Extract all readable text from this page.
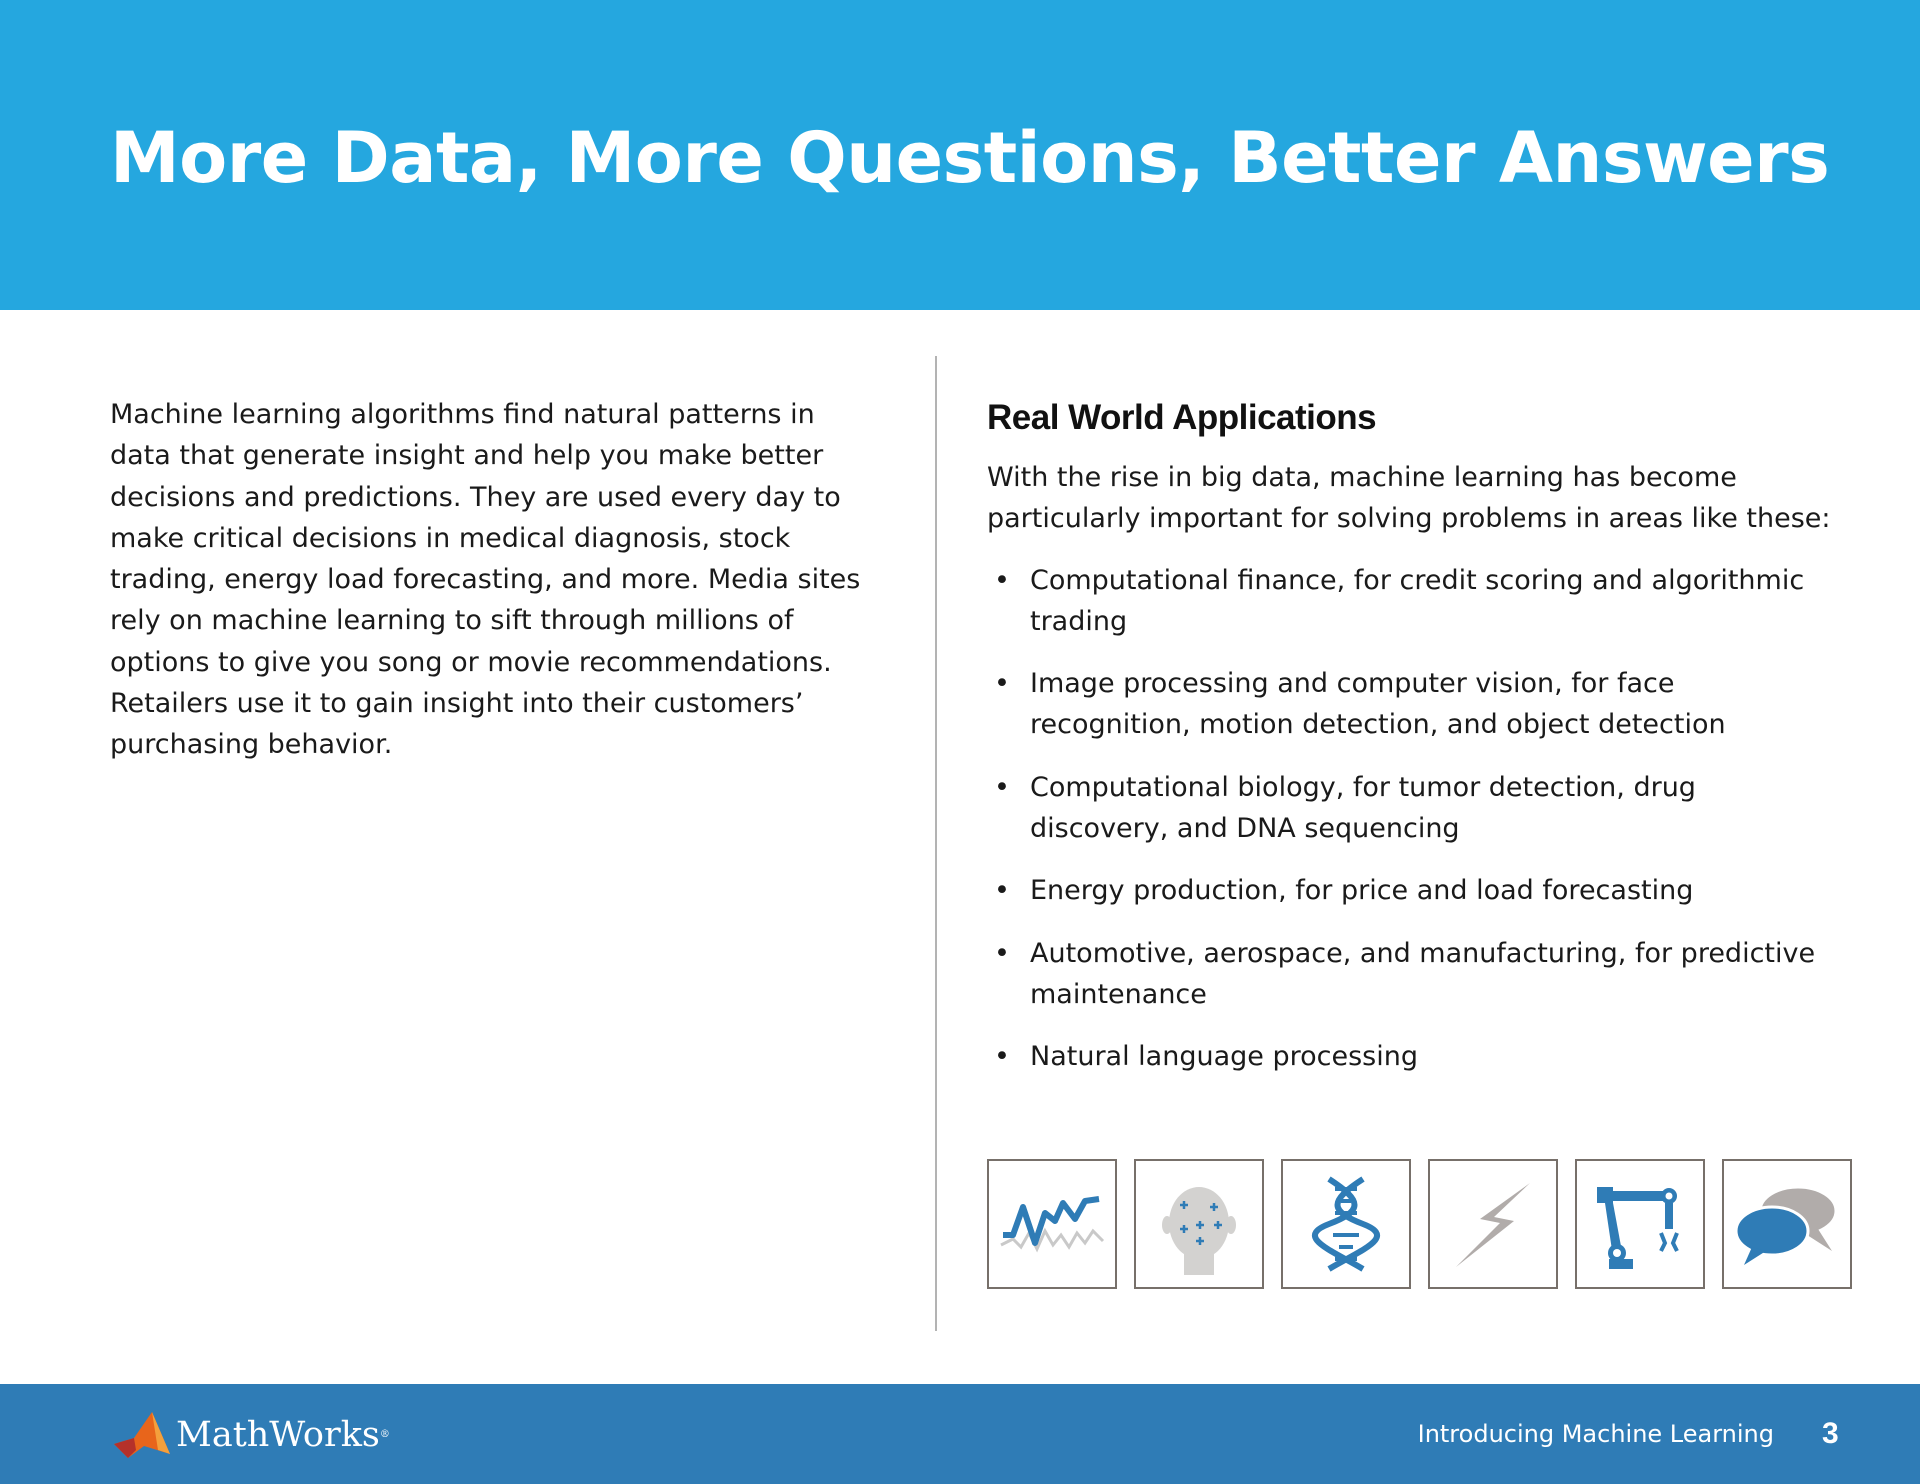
More Data, More Questions, Better Answers

Machine learning algorithms find natural patterns in data that generate insight and help you make better decisions and predictions. They are used every day to make critical decisions in medical diagnosis, stock trading, energy load forecasting, and more. Media sites rely on machine learning to sift through millions of options to give you song or movie recommendations. Retailers use it to gain insight into their customers’ purchasing behavior.

Real World Applications

With the rise in big data, machine learning has become particularly important for solving problems in areas like these:

• Computational finance, for credit scoring and algorithmic trading
• Image processing and computer vision, for face recognition, motion detection, and object detection
• Computational biology, for tumor detection, drug discovery, and DNA sequencing
• Energy production, for price and load forecasting
• Automotive, aerospace, and manufacturing, for predictive maintenance
• Natural language processing
MathWorks®	Introducing Machine Learning 3
